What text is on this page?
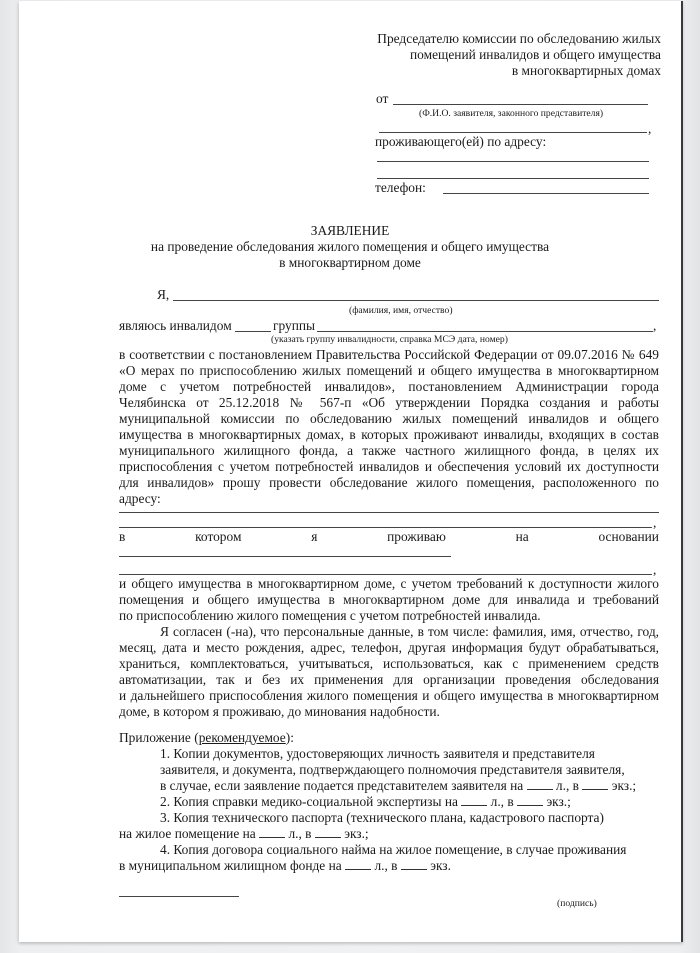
Председателю комиссии по обследованию жилых
помещений инвалидов и общего имущества
в многоквартирных домах
от
(Ф.И.О. заявителя, законного представителя)
,
проживающего(ей) по адресу:
телефон:
ЗАЯВЛЕНИЕ
на проведение обследования жилого помещения и общего имущества
в многоквартирном доме
Я,
(фамилия, имя, отчество)
являюсь инвалидом	группы	,
(указать группу инвалидности, справка МСЭ дата, номер)
в соответствии с постановлением Правительства Российской Федерации от 09.07.2016 № 649
«О мерах по приспособлению жилых помещений и общего имущества в многоквартирном
доме с учетом потребностей инвалидов», постановлением Администрации города
Челябинска от 25.12.2018 № 567-п «Об утверждении Порядка создания и работы
муниципальной комиссии по обследованию жилых помещений инвалидов и общего
имущества в многоквартирных домах, в которых проживают инвалиды, входящих в состав
муниципального жилищного фонда, а также частного жилищного фонда, в целях их
приспособления с учетом потребностей инвалидов и обеспечения условий их доступности
для инвалидов» прошу провести обследование жилого помещения, расположенного по
адресу:
,
в	котором	я	проживаю	на	основании
,
и общего имущества в многоквартирном доме, с учетом требований к доступности жилого
помещения и общего имущества в многоквартирном доме для инвалида и требований
по приспособлению жилого помещения с учетом потребностей инвалида.
Я согласен (-на), что персональные данные, в том числе: фамилия, имя, отчество, год,
месяц, дата и место рождения, адрес, телефон, другая информация будут обрабатываться,
храниться, комплектоваться, учитываться, использоваться, как с применением средств
автоматизации, так и без их применения для организации проведения обследования
и дальнейшего приспособления жилого помещения и общего имущества в многоквартирном
доме, в котором я проживаю, до минования надобности.
Приложение (рекомендуемое):
1. Копии документов, удостоверяющих личность заявителя и представителя
заявителя, и документа, подтверждающего полномочия представителя заявителя,
в случае, если заявление подается представителем заявителя на л., в экз.;
2. Копия справки медико-социальной экспертизы на л., в экз.;
3. Копия технического паспорта (технического плана, кадастрового паспорта)
на жилое помещение на л., в экз.;
4. Копия договора социального найма на жилое помещение, в случае проживания
в муниципальном жилищном фонде на л., в экз.
(подпись)
